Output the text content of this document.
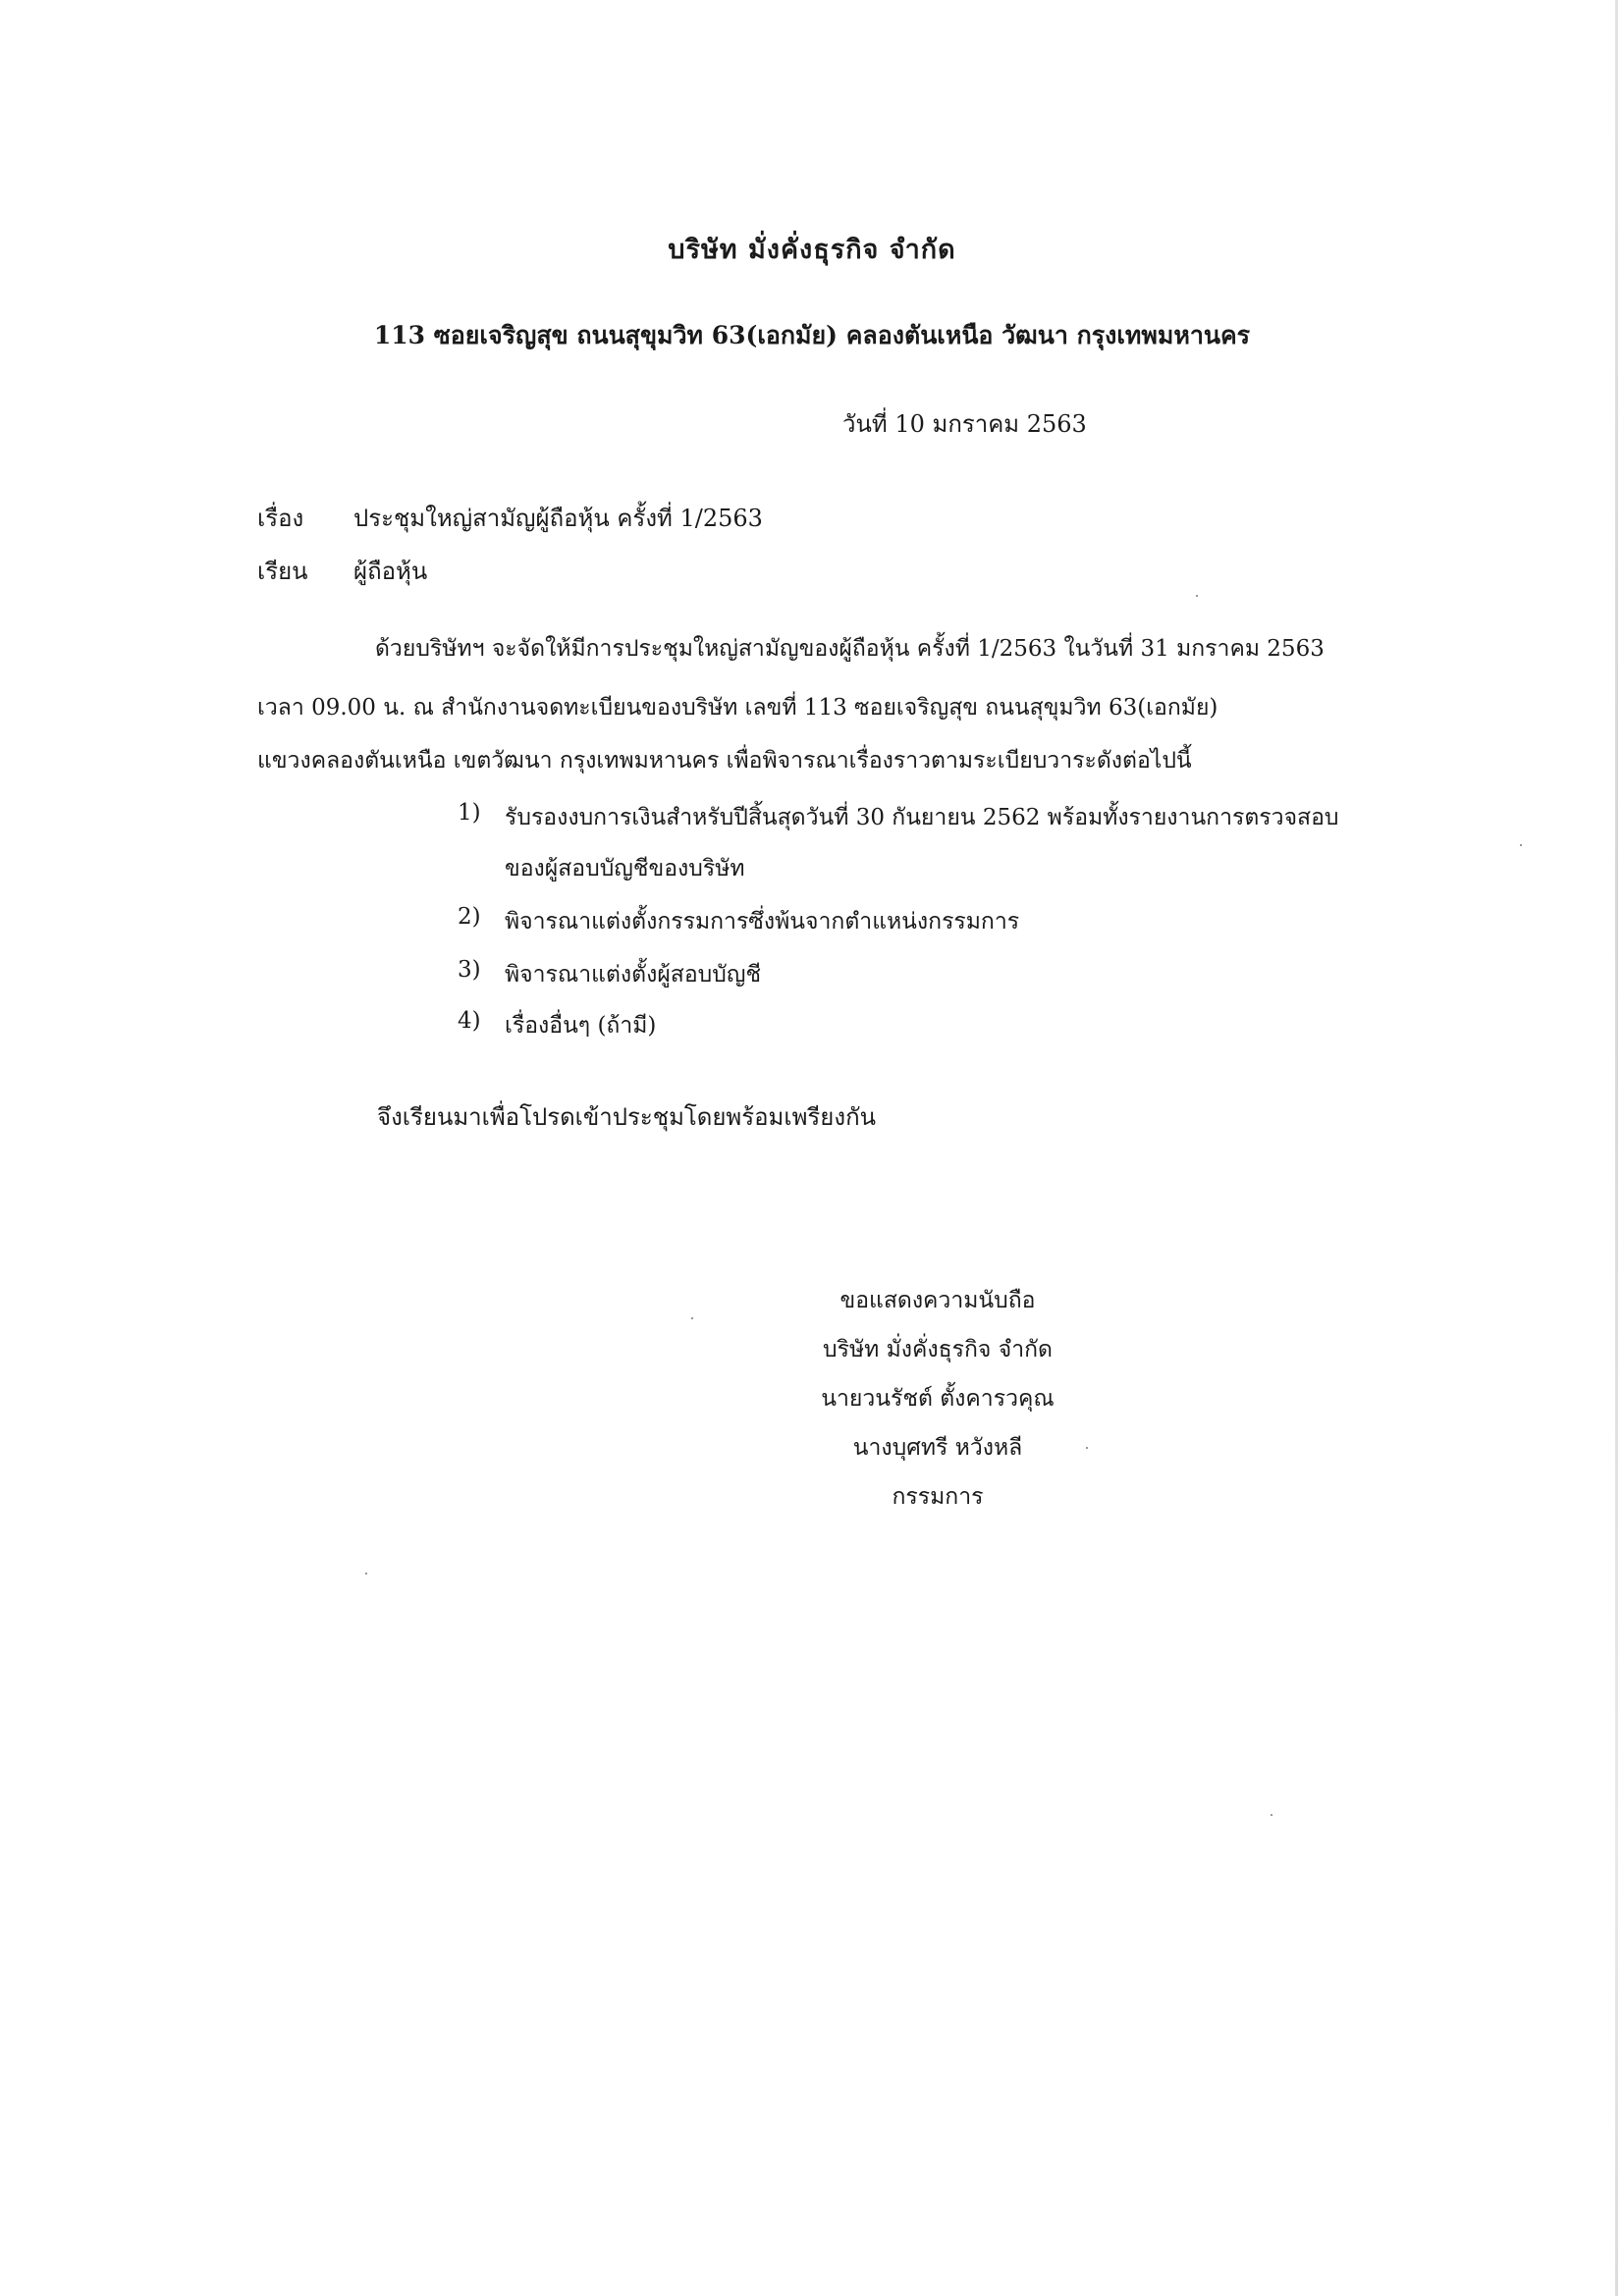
บริษัท มั่งคั่งธุรกิจ จำกัด
113 ซอยเจริญสุข ถนนสุขุมวิท 63(เอกมัย) คลองตันเหนือ วัฒนา กรุงเทพมหานคร
วันที่ 10 มกราคม 2563
เรื่อง	ประชุมใหญ่สามัญผู้ถือหุ้น ครั้งที่ 1/2563
เรียน	ผู้ถือหุ้น
ด้วยบริษัทฯ จะจัดให้มีการประชุมใหญ่สามัญของผู้ถือหุ้น ครั้งที่ 1/2563 ในวันที่ 31 มกราคม 2563
เวลา 09.00 น. ณ สำนักงานจดทะเบียนของบริษัท เลขที่ 113 ซอยเจริญสุข ถนนสุขุมวิท 63(เอกมัย)
แขวงคลองตันเหนือ เขตวัฒนา กรุงเทพมหานคร เพื่อพิจารณาเรื่องราวตามระเบียบวาระดังต่อไปนี้
1)	รับรองงบการเงินสำหรับปีสิ้นสุดวันที่ 30 กันยายน 2562 พร้อมทั้งรายงานการตรวจสอบ
ของผู้สอบบัญชีของบริษัท
2)	พิจารณาแต่งตั้งกรรมการซึ่งพ้นจากตำแหน่งกรรมการ
3)	พิจารณาแต่งตั้งผู้สอบบัญชี
4)	เรื่องอื่นๆ (ถ้ามี)
จึงเรียนมาเพื่อโปรดเข้าประชุมโดยพร้อมเพรียงกัน
ขอแสดงความนับถือ
บริษัท มั่งคั่งธุรกิจ จำกัด
นายวนรัชต์ ตั้งคารวคุณ
นางบุศทรี หวังหลี
กรรมการ
